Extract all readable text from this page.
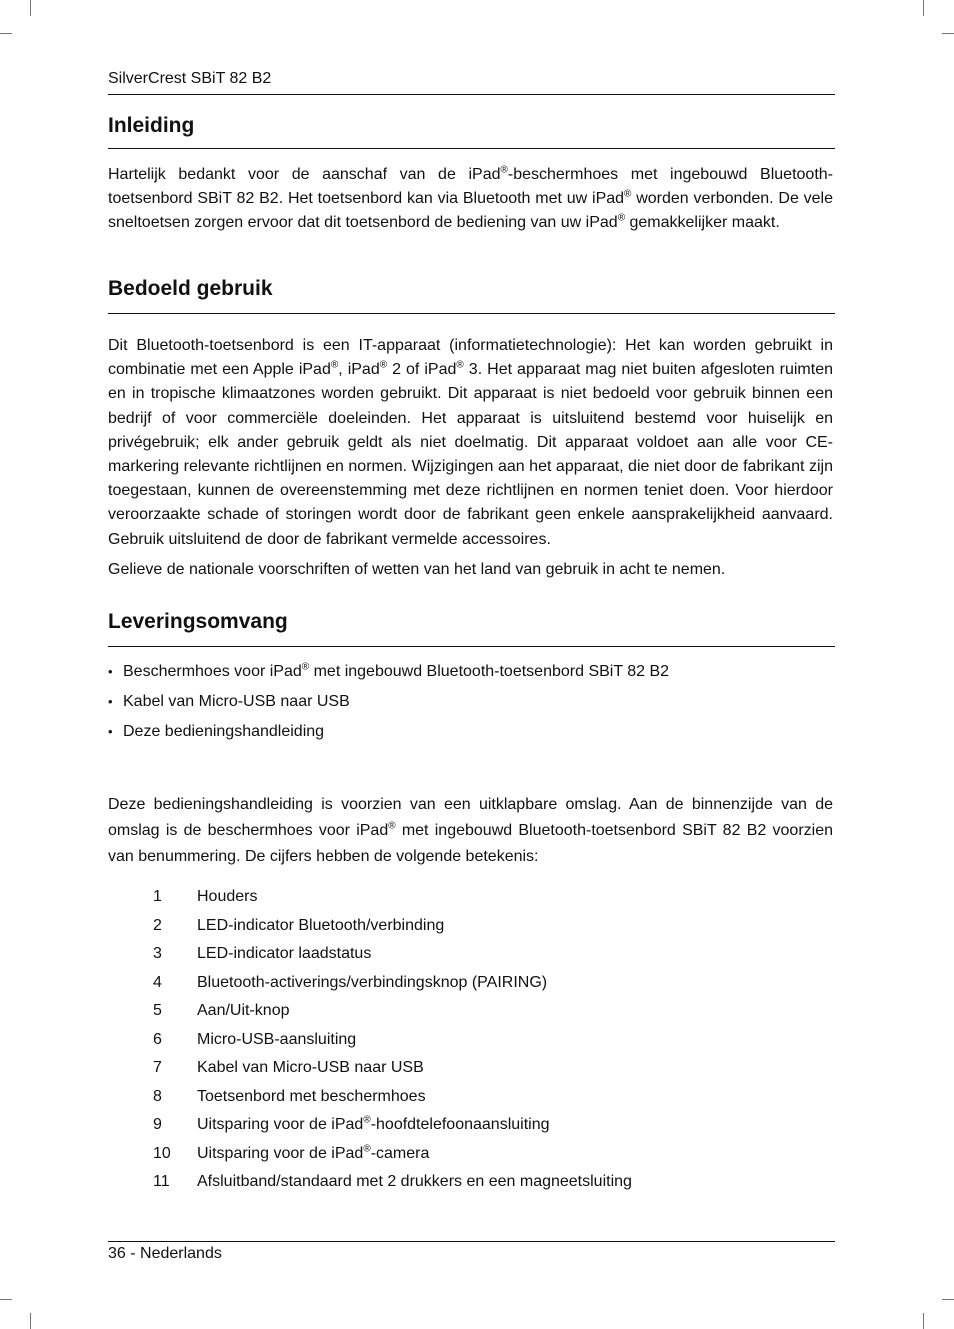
SilverCrest SBiT 82 B2
Inleiding

Hartelijk bedankt voor de aanschaf van de iPad®-beschermhoes met ingebouwd Bluetooth-toetsenbord SBiT 82 B2. Het toetsenbord kan via Bluetooth met uw iPad® worden verbonden. De vele sneltoetsen zorgen ervoor dat dit toetsenbord de bediening van uw iPad® gemakkelijker maakt.

Bedoeld gebruik

Dit Bluetooth-toetsenbord is een IT-apparaat (informatietechnologie): Het kan worden gebruikt in combinatie met een Apple iPad®, iPad® 2 of iPad® 3. Het apparaat mag niet buiten afgesloten ruimten en in tropische klimaatzones worden gebruikt. Dit apparaat is niet bedoeld voor gebruik binnen een bedrijf of voor commerciële doeleinden. Het apparaat is uitsluitend bestemd voor huiselijk en privégebruik; elk ander gebruik geldt als niet doelmatig. Dit apparaat voldoet aan alle voor CE-markering relevante richtlijnen en normen. Wijzigingen aan het apparaat, die niet door de fabrikant zijn toegestaan, kunnen de overeenstemming met deze richtlijnen en normen teniet doen. Voor hierdoor veroorzaakte schade of storingen wordt door de fabrikant geen enkele aansprakelijkheid aanvaard. Gebruik uitsluitend de door de fabrikant vermelde accessoires.

Gelieve de nationale voorschriften of wetten van het land van gebruik in acht te nemen.

Leveringsomvang
• Beschermhoes voor iPad® met ingebouwd Bluetooth-toetsenbord SBiT 82 B2
• Kabel van Micro-USB naar USB
• Deze bedieningshandleiding

Deze bedieningshandleiding is voorzien van een uitklapbare omslag. Aan de binnenzijde van de omslag is de beschermhoes voor iPad® met ingebouwd Bluetooth-toetsenbord SBiT 82 B2 voorzien van benummering. De cijfers hebben de volgende betekenis:

1 Houders
2 LED-indicator Bluetooth/verbinding
3 LED-indicator laadstatus
4 Bluetooth-activerings/verbindingsknop (PAIRING)
5 Aan/Uit-knop
6 Micro-USB-aansluiting
7 Kabel van Micro-USB naar USB
8 Toetsenbord met beschermhoes
9 Uitsparing voor de iPad®-hoofdtelefoonaansluiting
10 Uitsparing voor de iPad®-camera
11 Afsluitband/standaard met 2 drukkers en een magneetsluiting
36 - Nederlands
